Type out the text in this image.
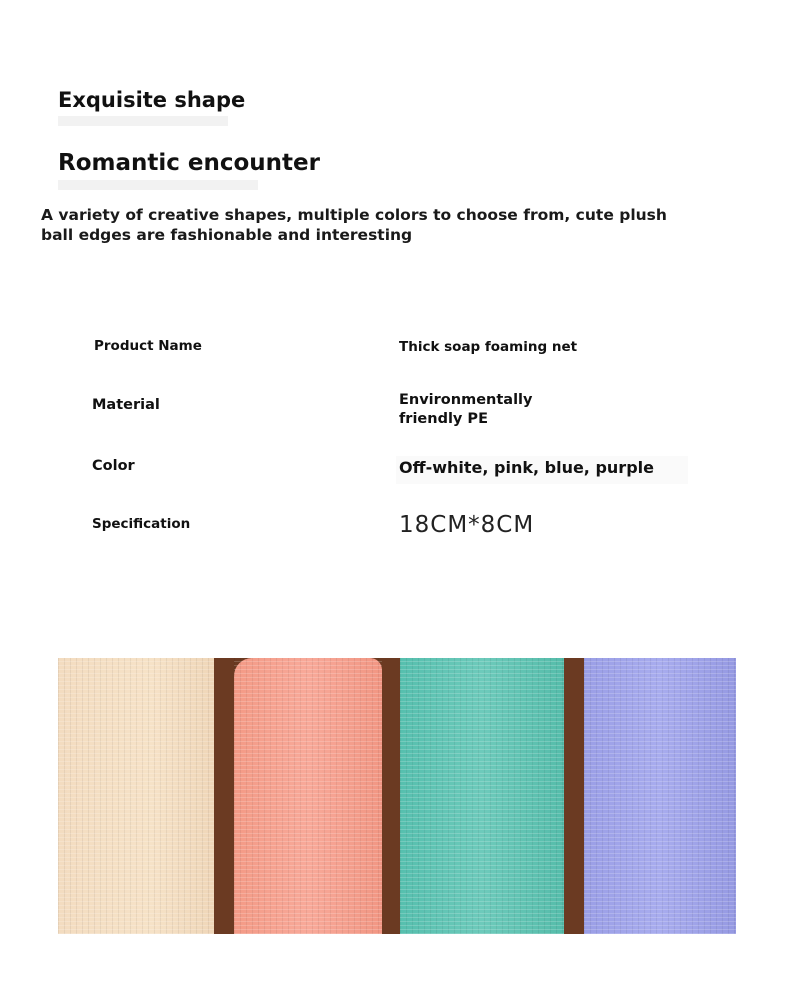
Exquisite shape
Romantic encounter

A variety of creative shapes, multiple colors to choose from, cute plush ball edges are fashionable and interesting

Product Name	Thick soap foaming net

Material	Environmentally friendly PE

Color	Off-white, pink, blue, purple

Specification	18CM*8CM
